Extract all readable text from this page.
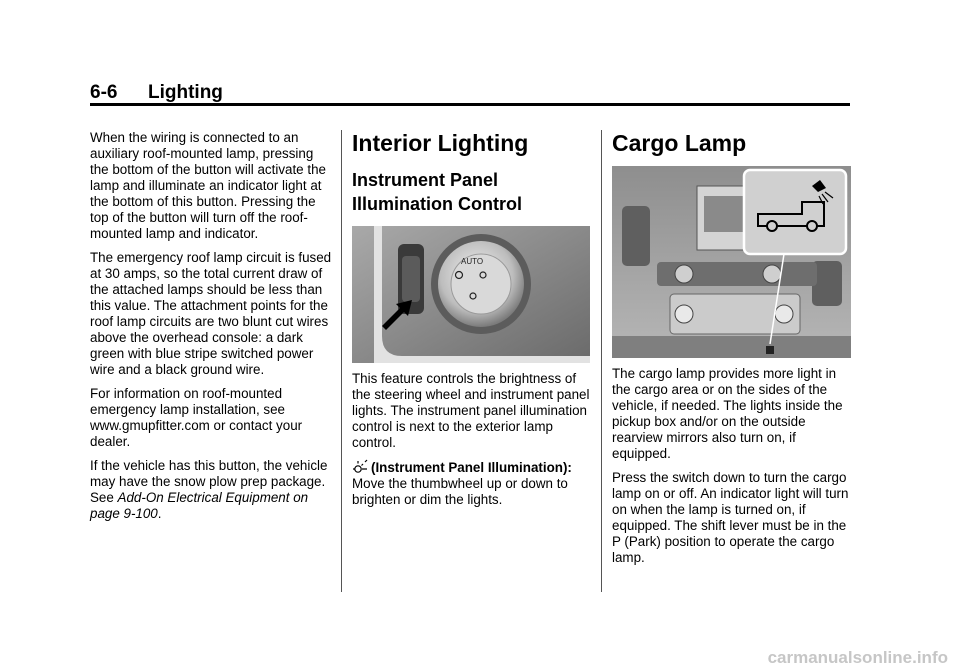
6-6 Lighting

When the wiring is connected to an auxiliary roof-mounted lamp, pressing the bottom of the button will activate the lamp and illuminate an indicator light at the bottom of this button. Pressing the top of the button will turn off the roof-mounted lamp and indicator.

The emergency roof lamp circuit is fused at 30 amps, so the total current draw of the attached lamps should be less than this value. The attachment points for the roof lamp circuits are two blunt cut wires above the overhead console: a dark green with blue stripe switched power wire and a black ground wire.

For information on roof-mounted emergency lamp installation, see www.gmupfitter.com or contact your dealer.

If the vehicle has this button, the vehicle may have the snow plow prep package. See Add-On Electrical Equipment on page 9-100.

Interior Lighting
Instrument Panel Illumination Control
AUTO

This feature controls the brightness of the steering wheel and instrument panel lights. The instrument panel illumination control is next to the exterior lamp control.

(Instrument Panel Illumination): Move the thumbwheel up or down to brighten or dim the lights.

Cargo Lamp

The cargo lamp provides more light in the cargo area or on the sides of the vehicle, if needed. The lights inside the pickup box and/or on the outside rearview mirrors also turn on, if equipped.

Press the switch down to turn the cargo lamp on or off. An indicator light will turn on when the lamp is turned on, if equipped. The shift lever must be in the P (Park) position to operate the cargo lamp.

carmanualsonline.info
